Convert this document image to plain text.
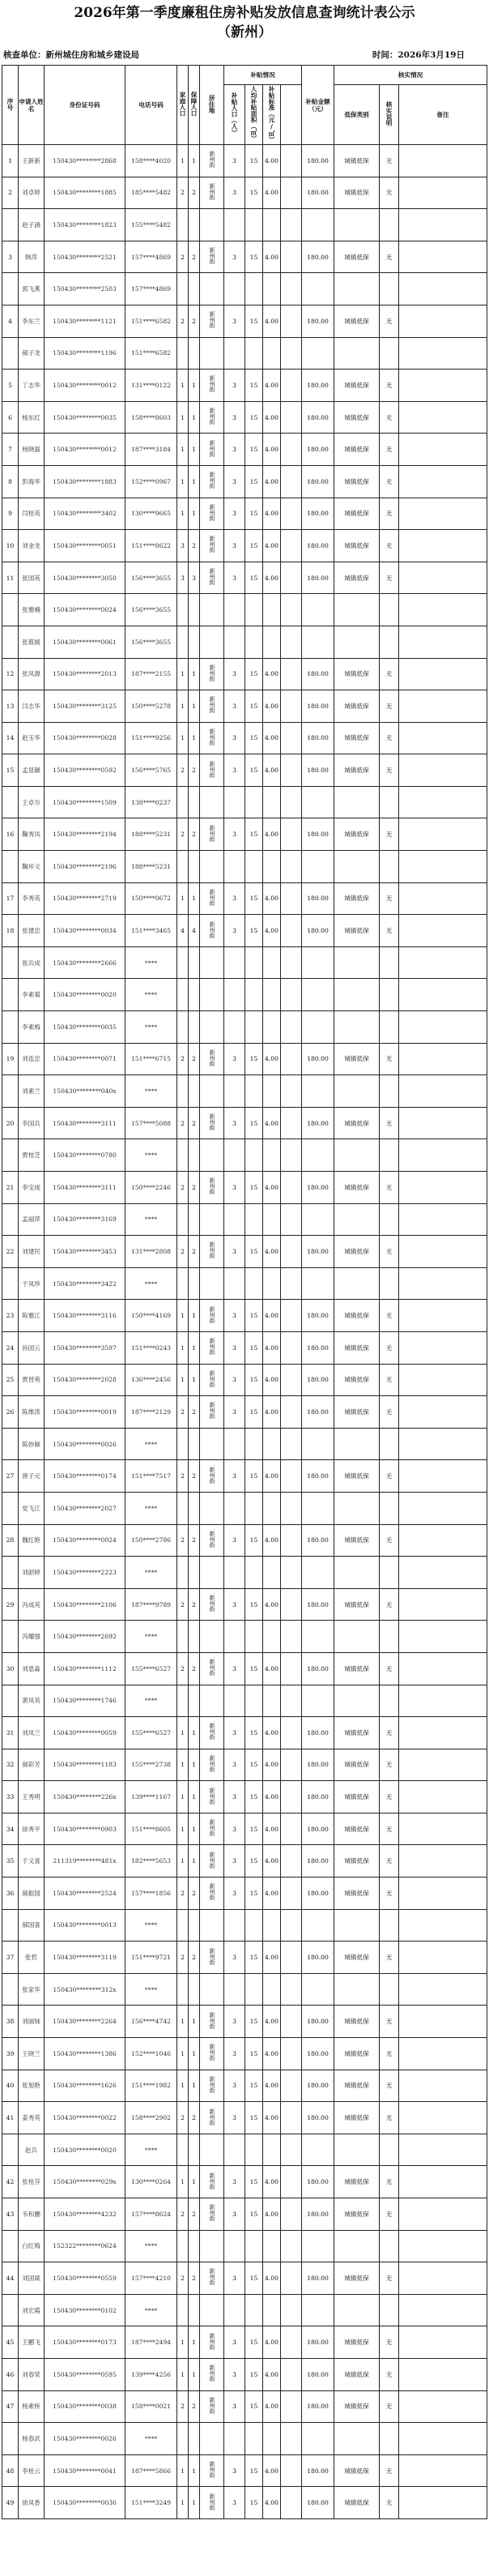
2026年第一季度廉租住房补贴发放信息查询统计表公示
（新州）
核查单位：新州城住房和城乡建设局	时间：2026年3月19日
序号	申请人姓名	身份证号码	电话号码	家庭人口	保障人口	居住地	补贴情况				补贴金额（元）	核实情况		
							补贴人口（人）	人均补贴面积（㎡）	补贴标准（元/㎡）			低保类别	核实说明	备注
1	王新新	150430********2868	158****4020	1	1	新州街	3	15	4.00		180.00	城镇低保	无	
2	刘卓婷	150430********1885	185****5482	2	2	新州街	3	15	4.00		180.00	城镇低保	无	
	赵子涵	150430********1823	155****5482											
3	韩萍	150430********2521	157****4869	2	2	新州街	3	15	4.00		180.00	城镇低保	无	
	郭飞燕	150430********2503	157****4869											
4	李东兰	150430********1121	151****6582	2	2	新州街	3	15	4.00		180.00	城镇低保	无	
	郝子龙	150430********1196	151****6582											
5	丁志华	150430********0012	131****0122	1	1	新州街	3	15	4.00		180.00	城镇低保	无	
6	杨东红	150430********0035	158****8603	1	1	新州街	3	15	4.00		180.00	城镇低保	无	
7	杨晓磊	150430********0012	187****3184	1	1	新州街	3	15	4.00		180.00	城镇低保	无	
8	彭海华	150430********1883	152****0967	1	1	新州街	3	15	4.00		180.00	城镇低保	无	
9	闫桂英	150430********3402	130****9665	1	1	新州街	3	15	4.00		180.00	城镇低保	无	
10	刘金龙	150430********0051	151****8622	3	2	新州街	3	15	4.00		180.00	城镇低保	无	
11	张国英	150430********3050	156****3655	3	3	新州街	3	15	4.00		180.00	城镇低保	无	
	张雅楠	150430********0024	156****3655											
	张筱媛	150430********0061	156****3655											
12	张凤源	150430********2013	187****2155	1	1	新州街	3	15	4.00		180.00	城镇低保	无	
13	闫志华	150430********3125	150****5278	1	1	新州街	3	15	4.00		180.00	城镇低保	无	
14	赵玉华	150430********0028	151****9256	1	1	新州街	3	15	4.00		180.00	城镇低保	无	
15	孟显颖	150430********0592	156****5765	2	2	新州街	3	15	4.00		180.00	城镇低保	无	
	王卓尔	150430********1509	138****0237											
16	鞠秀凤	150430********2194	188****5231	2	2	新州街	3	15	4.00		180.00	城镇低保	无	
	鞠环文	150430********2196	188****5231											
17	李秀英	150430********2719	150****0672	1	1	新州街	3	15	4.00		180.00	城镇低保	无	
18	张建忠	150430********0034	151****3465	4	4	新州街	3	15	4.00		180.00	城镇低保	无	
	张兵成	150430********2666	****											
	李素菊	150430********0020	****											
	李素梅	150430********0035	****											
19	刘连忠	150430********0071	151****6715	2	2	新州街	3	15	4.00		180.00	城镇低保	无	
	刘素兰	150430********040x	****											
20	李国兵	150430********3111	157****5088	2	2	新州街	3	15	4.00		180.00	城镇低保	无	
	贾桂芝	150430********0780	****											
21	李宝成	150430********3111	150****2246	2	2	新州街	3	15	4.00		180.00	城镇低保	无	
	孟丽萍	150430********3169	****											
22	刘建民	150430********3453	131****2808	2	2	新州街	3	15	4.00		180.00	城镇低保	无	
	于凤珍	150430********3422	****											
23	陈雅江	150430********3116	150****4169	1	1	新州街	3	15	4.00		180.00	城镇低保	无	
24	孙国云	150430********3597	151****0243	1	1	新州街	3	15	4.00		180.00	城镇低保	无	
25	贾晋苑	150430********2028	136****2456	1	1	新州街	3	15	4.00		180.00	城镇低保	无	
26	陈维涛	150430********0019	187****2129	2	2	新州街	3	15	4.00		180.00	城镇低保	无	
	陈妙颖	150430********0026	****											
27	唐子元	150430********0174	151****7517	2	2	新州街	3	15	4.00		180.00	城镇低保	无	
	党飞江	150430********2027	****											
28	魏红艳	150430********0024	150****2786	2	2	新州街	3	15	4.00		180.00	城镇低保	无	
	刘韶婷	150430********2223	****											
29	冯成英	150430********2106	187****9789	2	2	新州街	3	15	4.00		180.00	城镇低保	无	
	冯耀强	150430********2692	****											
30	刘思淼	150430********1112	155****6527	2	2	新州街	3	15	4.00		180.00	城镇低保	无	
	裴凤英	150430********1746	****											
31	刘凤兰	150430********0059	155****6527	1	1	新州街	3	15	4.00		180.00	城镇低保	无	
32	郝彩芳	150430********1183	155****2738	1	1	新州街	3	15	4.00		180.00	城镇低保	无	
33	王秀明	150430********226x	139****1167	1	1	新州街	3	15	4.00		180.00	城镇低保	无	
34	徐秀平	150430********0903	151****8605	1	1	新州街	3	15	4.00		180.00	城镇低保	无	
35	于义喜	211319********481x	182****5653	1	1	新州街	3	15	4.00		180.00	城镇低保	无	
36	郝振国	150430********2524	157****1856	2	2	新州街	3	15	4.00		180.00	城镇低保	无	
	郝国喜	150430********0013	****											
37	张哲	150430********3119	151****9721	2	2	新州街	3	15	4.00		180.00	城镇低保	无	
	张家华	150430********312x	****											
38	刘丽妹	150430********2264	156****4742	1	1	新州街	3	15	4.00		180.00	城镇低保	无	
39	王晓兰	150430********1386	152****1046	1	1	新州街	3	15	4.00		180.00	城镇低保	无	
40	张旭艳	150430********1626	151****1982	1	1	新州街	3	15	4.00		180.00	城镇低保	无	
41	姜秀英	150430********0022	158****2902	2	2	新州街	3	15	4.00		180.00	城镇低保	无	
	赵兵	150430********0020	****											
42	张桂芬	150430********029x	130****0264	1	1	新州街	3	15	4.00		180.00	城镇低保	无	
43	韦和鹏	150430********4232	157****8624	2	2	新州街	3	15	4.00		180.00	城镇低保	无	
	白红梅	152322********0624	****											
44	刘国斌	150430********0559	157****4210	2	2	新州街	3	15	4.00		180.00	城镇低保	无	
	刘宏霞	150430********0102	****											
45	王鹏飞	150430********0173	187****2494	1	1	新州街	3	15	4.00		180.00	城镇低保	无	
46	刘春荣	150430********0595	139****4256	1	1	新州街	3	15	4.00		180.00	城镇低保	无	
47	杨素桥	150430********0038	158****0021	2	2	新州街	3	15	4.00		180.00	城镇低保	无	
	杨春武	150430********0026	****											
48	李桂云	150430********0041	187****5866	1	1	新州街	3	15	4.00		180.00	城镇低保	无	
49	徐凤香	150430********0036	151****3249	1	1	新州街	3	15	4.00		180.00	城镇低保	无	
